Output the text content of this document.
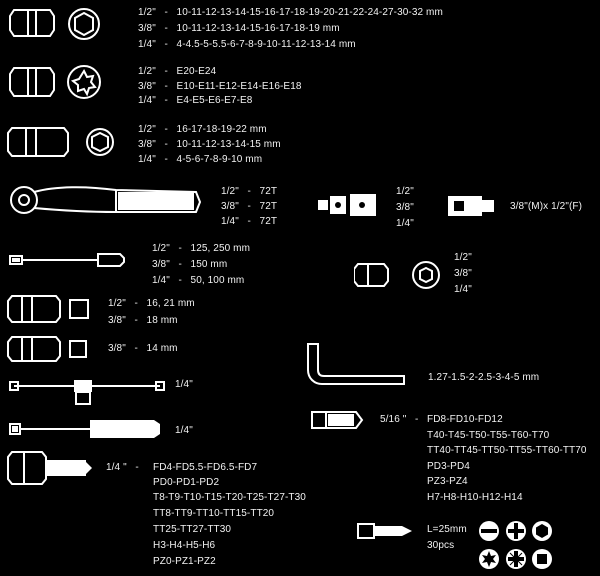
1/2"   -   10-11-12-13-14-15-16-17-18-19-20-21-22-24-27-30-32 mm
3/8"   -   10-11-12-13-14-15-16-17-18-19 mm
1/4"   -   4-4.5-5-5.5-6-7-8-9-10-11-12-13-14 mm
1/2"   -   E20-E24
3/8"   -   E10-E11-E12-E14-E16-E18
1/4"   -   E4-E5-E6-E7-E8
1/2"   -   16-17-18-19-22 mm
3/8"   -   10-11-12-13-14-15 mm
1/4"   -   4-5-6-7-8-9-10 mm
1/2"   -   72T
3/8"   -   72T
1/4"   -   72T
1/2"
3/8"
1/4"
3/8"(M)x 1/2"(F)
1/2"   -   125, 250 mm
3/8"   -   150 mm
1/4"   -   50, 100 mm
1/2"
3/8"
1/4"
1/2"   -   16, 21 mm
3/8"   -   18 mm
3/8"   -   14 mm
1.27-1.5-2-2.5-3-4-5 mm
1/4"
1/4"
1/4 "   - FD4-FD5.5-FD6.5-FD7
PD0-PD1-PD2
T8-T9-T10-T15-T20-T25-T27-T30
TT8-TT9-TT10-TT15-TT20
TT25-TT27-TT30
H3-H4-H5-H6
PZ0-PZ1-PZ2
5/16 "   - FD8-FD10-FD12
T40-T45-T50-T55-T60-T70
TT40-TT45-TT50-TT55-TT60-TT70
PD3-PD4
PZ3-PZ4
H7-H8-H10-H12-H14
L=25mm
30pcs
